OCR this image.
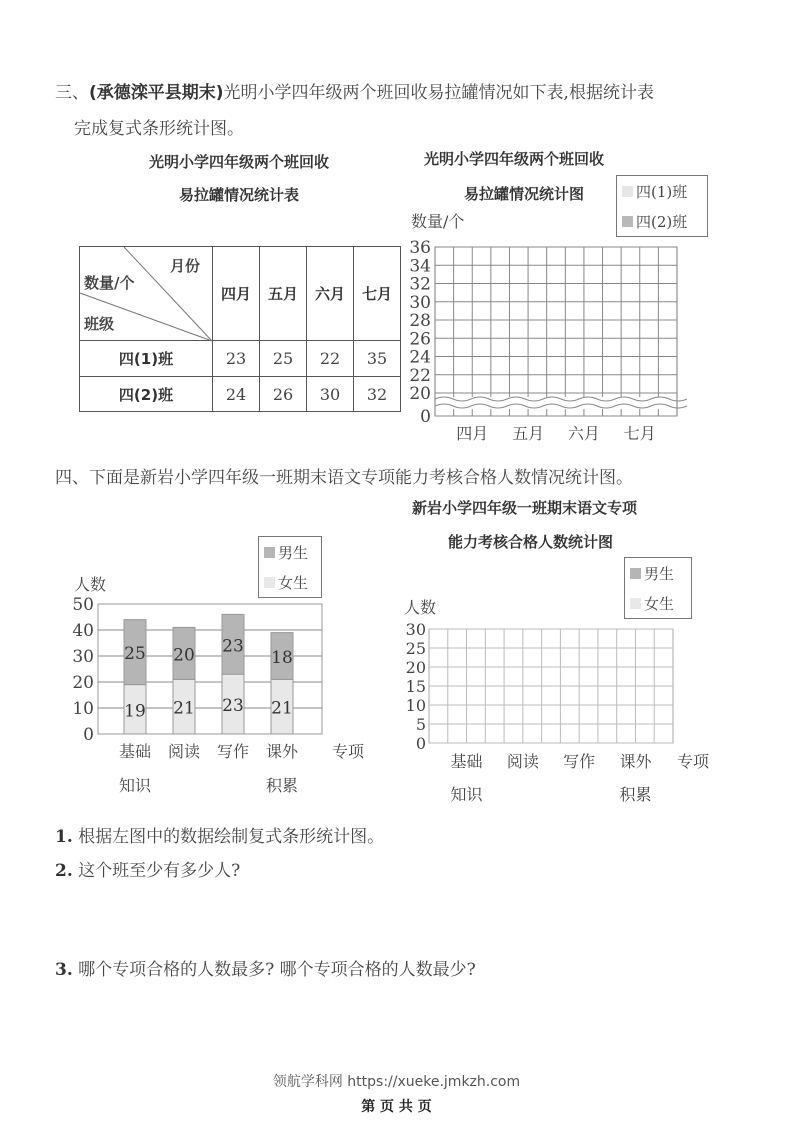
三、(承德滦平县期末)光明小学四年级两个班回收易拉罐情况如下表,根据统计表
完成复式条形统计图。
光明小学四年级两个班回收
易拉罐情况统计表
月份
数量/个
班级	四月	五月	六月	七月
四(1)班	23	25	22	35
四(2)班	24	26	30	32
光明小学四年级两个班回收
易拉罐情况统计图	四(1)班
四(2)班
数量/个
36
34
32
30
28
26
24
22
20
0
四月 五月 六月 七月
四、下面是新岩小学四年级一班期末语文专项能力考核合格人数情况统计图。
新岩小学四年级一班期末语文专项
能力考核合格人数统计图
男生
女生
人数
50
40
30
20
10
0
19
25
基础
知识
21
20
阅读
23
23
写作
21
18
课外
积累
专项
男生
女生
人数
30
25
20
15
10
5
0
基础
知识
阅读 写作 课外
积累
专项
1. 根据左图中的数据绘制复式条形统计图。
2. 这个班至少有多少人?
3. 哪个专项合格的人数最多? 哪个专项合格的人数最少?
领航学科网 https://xueke.jmkzh.com
第 页 共 页
